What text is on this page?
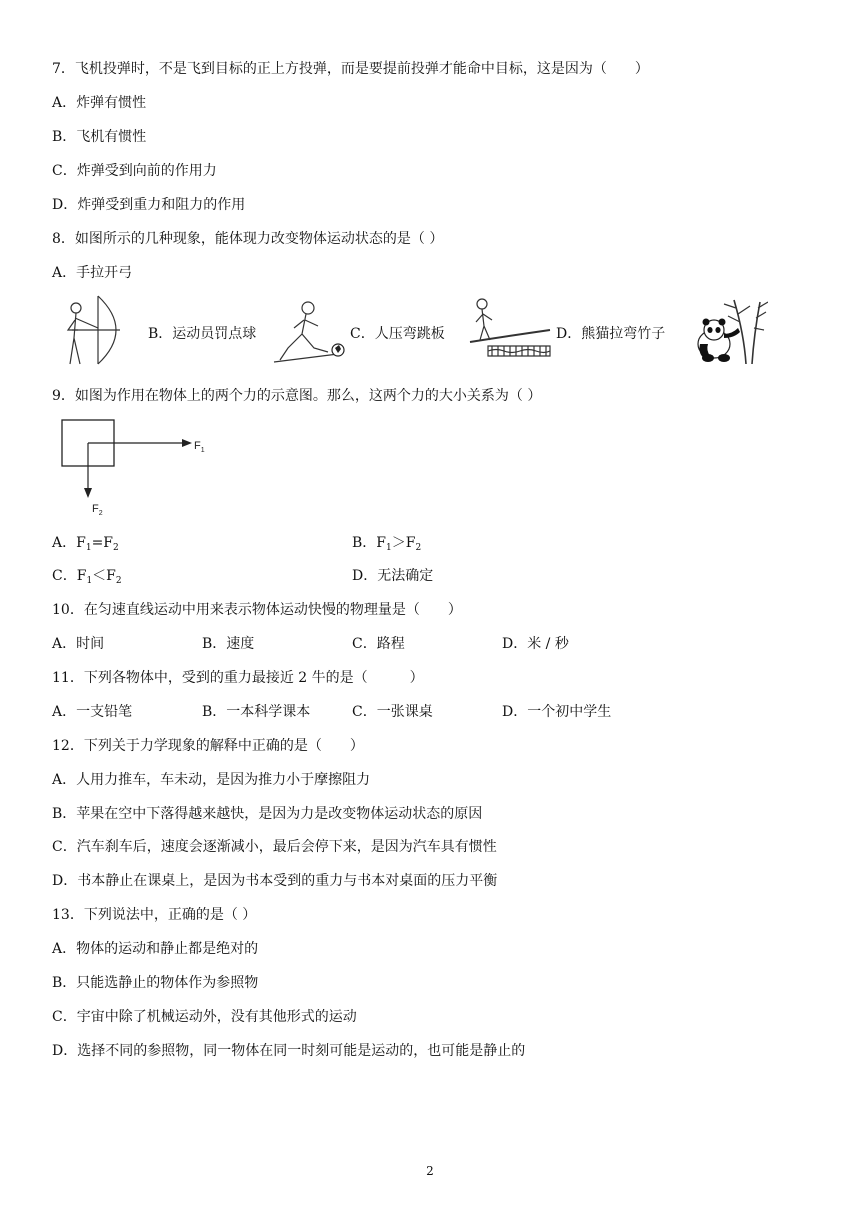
7．飞机投弹时，不是飞到目标的正上方投弹，而是要提前投弹才能命中目标，这是因为（　　）
A．炸弹有惯性
B．飞机有惯性
C．炸弹受到向前的作用力
D．炸弹受到重力和阻力的作用
8．如图所示的几种现象，能体现力改变物体运动状态的是（ ）
A．手拉开弓
B．运动员罚点球	C．人压弯跳板	D．熊猫拉弯竹子
9．如图为作用在物体上的两个力的示意图。那么，这两个力的大小关系为（ ）
$F_1$
$F_2$
A．$F_1=F_2$	B．$F_1>F_2$
C．$F_1<F_2$	D．无法确定
10．在匀速直线运动中用来表示物体运动快慢的物理量是（　　）
A．时间	B．速度	C．路程	D．米 / 秒
11．下列各物体中，受到的重力最接近 2 牛的是（　　　）
A．一支铅笔	B．一本科学课本	C．一张课桌	D．一个初中学生
12．下列关于力学现象的解释中正确的是（　　）
A．人用力推车，车未动，是因为推力小于摩擦阻力
B．苹果在空中下落得越来越快，是因为力是改变物体运动状态的原因
C．汽车刹车后，速度会逐渐减小，最后会停下来，是因为汽车具有惯性
D．书本静止在课桌上，是因为书本受到的重力与书本对桌面的压力平衡
13．下列说法中，正确的是（ ）
A．物体的运动和静止都是绝对的
B．只能选静止的物体作为参照物
C．宇宙中除了机械运动外，没有其他形式的运动
D．选择不同的参照物，同一物体在同一时刻可能是运动的，也可能是静止的
2
